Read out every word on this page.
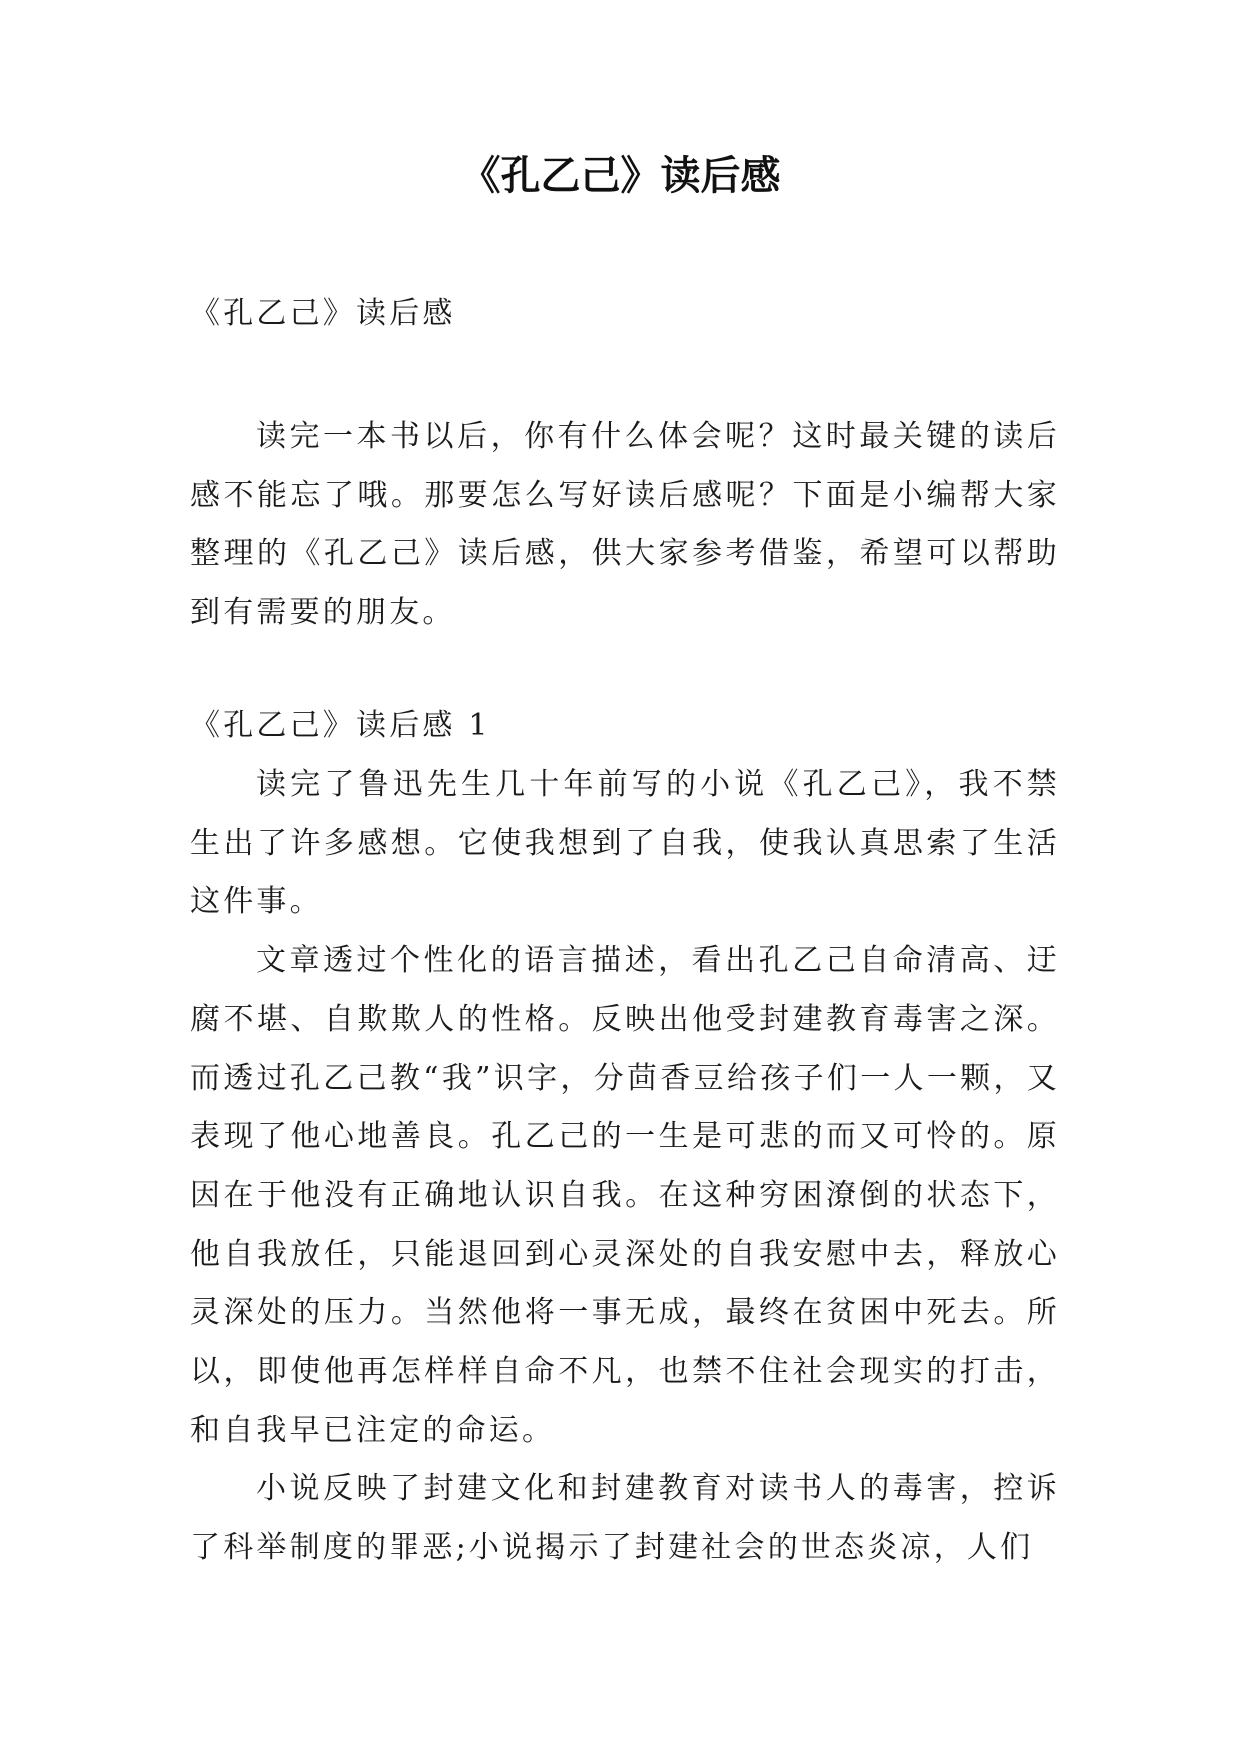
《孔乙己》读后感
《孔乙己》读后感

读完一本书以后，你有什么体会呢？这时最关键的读后感不能忘了哦。那要怎么写好读后感呢？下面是小编帮大家整理的《孔乙己》读后感，供大家参考借鉴，希望可以帮助到有需要的朋友。

《孔乙己》读后感 1

读完了鲁迅先生几十年前写的小说《孔乙己》，我不禁生出了许多感想。它使我想到了自我，使我认真思索了生活这件事。

文章透过个性化的语言描述，看出孔乙己自命清高、迂腐不堪、自欺欺人的性格。反映出他受封建教育毒害之深。而透过孔乙己教“我”识字，分茴香豆给孩子们一人一颗，又表现了他心地善良。孔乙己的一生是可悲的而又可怜的。原因在于他没有正确地认识自我。在这种穷困潦倒的状态下，他自我放任，只能退回到心灵深处的自我安慰中去，释放心灵深处的压力。当然他将一事无成，最终在贫困中死去。所以，即使他再怎样样自命不凡，也禁不住社会现实的打击，和自我早已注定的命运。

小说反映了封建文化和封建教育对读书人的毒害，控诉了科举制度的罪恶;小说揭示了封建社会的世态炎凉，人们
